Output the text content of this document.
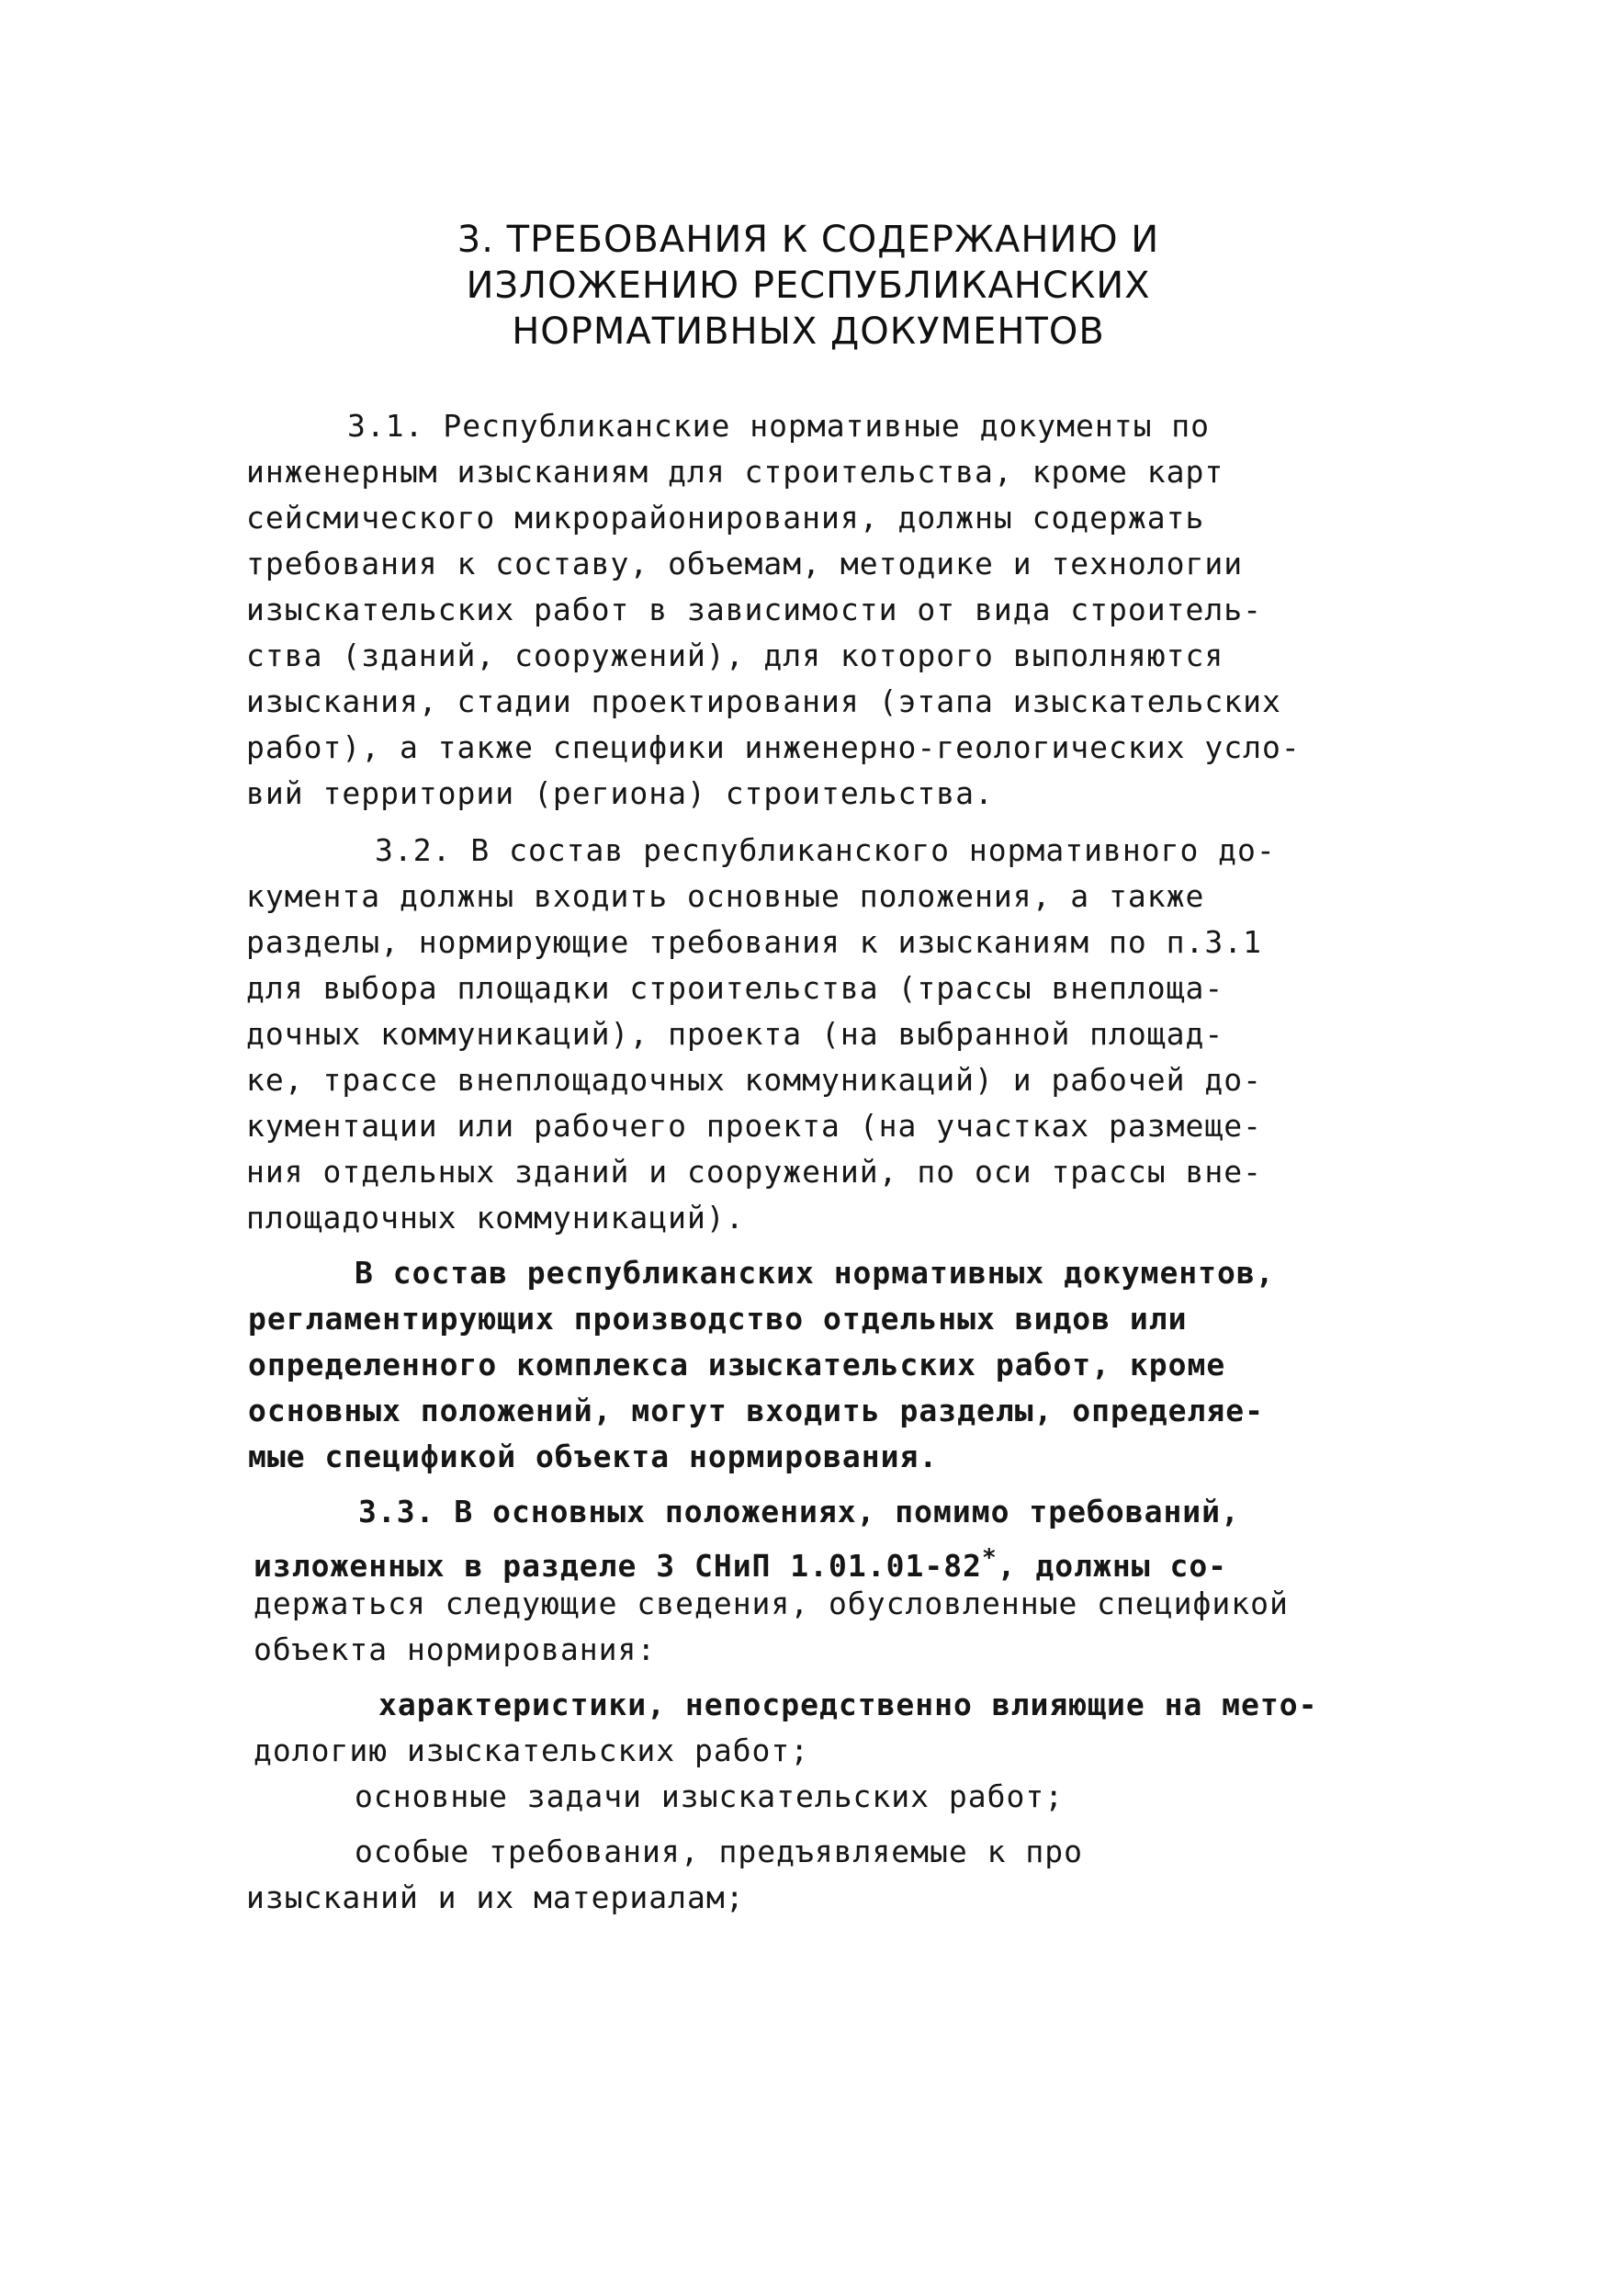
3. ТРЕБОВАНИЯ К СОДЕРЖАНИЮ И
ИЗЛОЖЕНИЮ РЕСПУБЛИКАНСКИХ
НОРМАТИВНЫХ ДОКУМЕНТОВ
3.1. Республиканские нормативные документы по
инженерным изысканиям для строительства, кроме карт
сейсмического микрорайонирования, должны содержать
требования к составу, объемам, методике и технологии
изыскательских работ в зависимости от вида строитель-
ства (зданий, сооружений), для которого выполняются
изыскания, стадии проектирования (этапа изыскательских
работ), а также специфики инженерно-геологических усло-
вий территории (региона) строительства.
3.2. В состав республиканского нормативного до-
кумента должны входить основные положения, а также
разделы, нормирующие требования к изысканиям по п.3.1
для выбора площадки строительства (трассы внеплоща-
дочных коммуникаций), проекта (на выбранной площад-
ке, трассе внеплощадочных коммуникаций) и рабочей до-
кументации или рабочего проекта (на участках размеще-
ния отдельных зданий и сооружений, по оси трассы вне-
площадочных коммуникаций).
В состав республиканских нормативных документов,
регламентирующих производство отдельных видов или
определенного комплекса изыскательских работ, кроме
основных положений, могут входить разделы, определяе-
мые спецификой объекта нормирования.
3.3. В основных положениях, помимо требований,
изложенных в разделе 3 СНиП 1.01.01-82*, должны со-
держаться следующие сведения, обусловленные спецификой
объекта нормирования:
характеристики, непосредственно влияющие на мето-
дологию изыскательских работ;
основные задачи изыскательских работ;
особые требования, предъявляемые к про
изысканий и их материалам;
